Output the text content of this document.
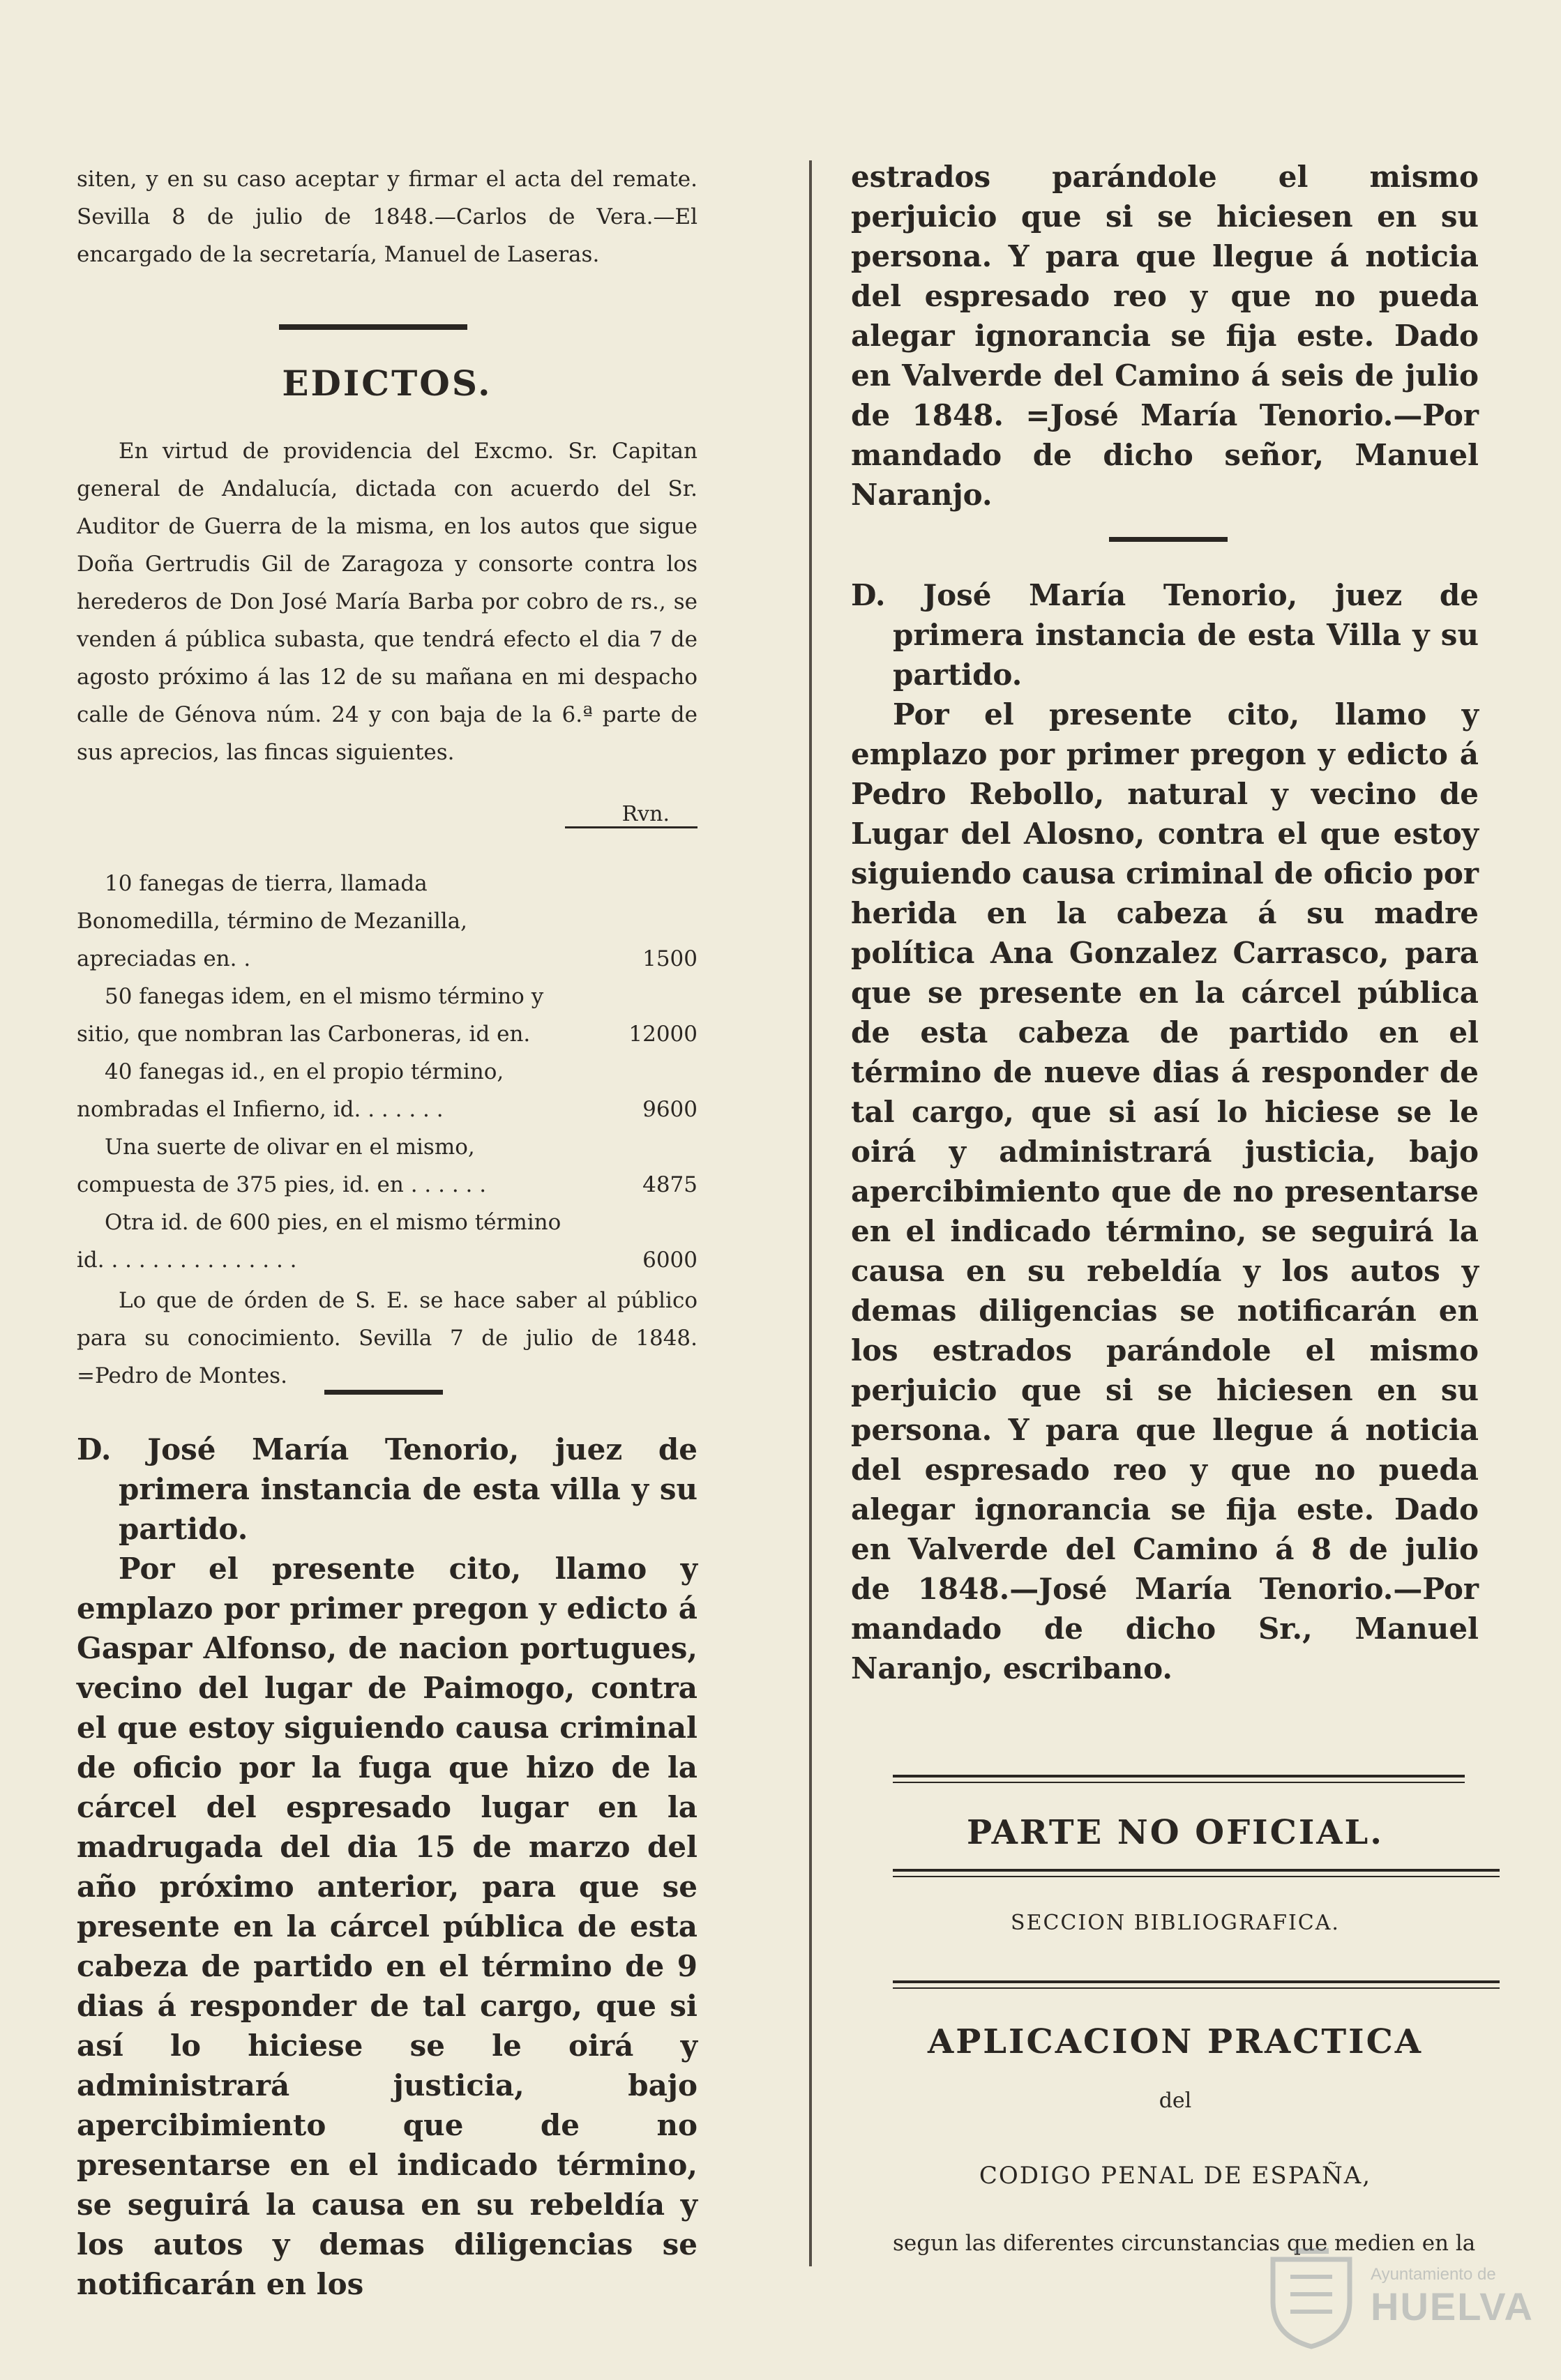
siten, y en su caso aceptar y firmar el acta del remate. Sevilla 8 de julio de 1848.—Carlos de Vera.—El encargado de la secretaría, Manuel de Laseras.

EDICTOS.

En virtud de providencia del Excmo. Sr. Capitan general de Andalucía, dictada con acuerdo del Sr. Auditor de Guerra de la misma, en los autos que sigue Doña Gertrudis Gil de Zaragoza y consorte contra los herederos de Don José María Barba por cobro de rs., se venden á pública subasta, que tendrá efecto el dia 7 de agosto próximo á las 12 de su mañana en mi despacho calle de Génova núm. 24 y con baja de la 6.ª parte de sus aprecios, las fincas siguientes.

Rvn.
10 fanegas de tierra, llamada Bonomedilla, término de Mezanilla, apreciadas en. .	1500
50 fanegas idem, en el mismo término y sitio, que nombran las Carboneras, id en.	12000
40 fanegas id., en el propio término, nombradas el Infierno, id. . . . . . .	9600
Una suerte de olivar en el mismo, compuesta de 375 pies, id. en . . . . . .	4875
Otra id. de 600 pies, en el mismo término id. . . . . . . . . . . . . . .	6000

Lo que de órden de S. E. se hace saber al público para su conocimiento. Sevilla 7 de julio de 1848. =Pedro de Montes.

D. José María Tenorio, juez de primera instancia de esta villa y su partido.

Por el presente cito, llamo y emplazo por primer pregon y edicto á Gaspar Alfonso, de nacion portugues, vecino del lugar de Paimogo, contra el que estoy siguiendo causa criminal de oficio por la fuga que hizo de la cárcel del espresado lugar en la madrugada del dia 15 de marzo del año próximo anterior, para que se presente en la cárcel pública de esta cabeza de partido en el término de 9 dias á responder de tal cargo, que si así lo hiciese se le oirá y administrará justicia, bajo apercibimiento que de no presentarse en el indicado término, se seguirá la causa en su rebeldía y los autos y demas diligencias se notificarán en los

estrados parándole el mismo perjuicio que si se hiciesen en su persona. Y para que llegue á noticia del espresado reo y que no pueda alegar ignorancia se fija este. Dado en Valverde del Camino á seis de julio de 1848. =José María Tenorio.—Por mandado de dicho señor, Manuel Naranjo.

D. José María Tenorio, juez de primera instancia de esta Villa y su partido.

Por el presente cito, llamo y emplazo por primer pregon y edicto á Pedro Rebollo, natural y vecino de Lugar del Alosno, contra el que estoy siguiendo causa criminal de oficio por herida en la cabeza á su madre política Ana Gonzalez Carrasco, para que se presente en la cárcel pública de esta cabeza de partido en el término de nueve dias á responder de tal cargo, que si así lo hiciese se le oirá y administrará justicia, bajo apercibimiento que de no presentarse en el indicado término, se seguirá la causa en su rebeldía y los autos y demas diligencias se notificarán en los estrados parándole el mismo perjuicio que si se hiciesen en su persona. Y para que llegue á noticia del espresado reo y que no pueda alegar ignorancia se fija este. Dado en Valverde del Camino á 8 de julio de 1848.—José María Tenorio.—Por mandado de dicho Sr., Manuel Naranjo, escribano.

PARTE NO OFICIAL.
SECCION BIBLIOGRAFICA.
APLICACION PRACTICA
del
CODIGO PENAL DE ESPAÑA,

segun las diferentes circunstancias que medien en la

Ayuntamiento de
HUELVA
